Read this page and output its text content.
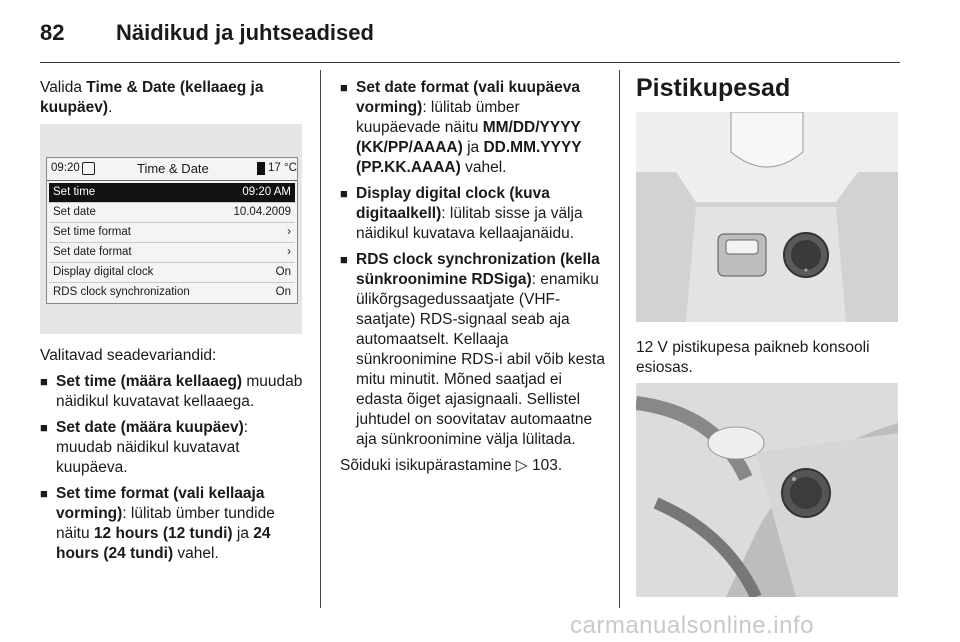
82 Näidikud ja juhtseadised

Valida Time & Date (kellaaeg ja kuupäev).

09:20	Time & Date	17 °C
Set time	09:20 AM
Set date	10.04.2009
Set time format	›
Set date format	›
Display digital clock	On
RDS clock synchronization	On

Valitavad seadevariandid:

■ Set time (määra kellaaeg) muudab näidikul kuvatavat kellaaega.
■ Set date (määra kuupäev): muudab näidikul kuvatavat kuupäeva.
■ Set time format (vali kellaaja vorming): lülitab ümber tundide näitu 12 hours (12 tundi) ja 24 hours (24 tundi) vahel.
■ Set date format (vali kuupäeva vorming): lülitab ümber kuupäevade näitu MM/DD/YYYY (KK/PP/AAAA) ja DD.MM.YYYY (PP.KK.AAAA) vahel.
■ Display digital clock (kuva digitaalkell): lülitab sisse ja välja näidikul kuvatava kellaajanäidu.
■ RDS clock synchronization (kella sünkroonimine RDSiga): enamiku ülikõrgsagedussaatjate (VHF-saatjate) RDS-signaal seab aja automaatselt. Kellaaja sünkroonimine RDS-i abil võib kesta mitu minutit. Mõned saatjad ei edasta õiget ajasignaali. Sellistel juhtudel on soovitatav automaatne aja sünkroonimine välja lülitada.

Sõiduki isikupärastamine ▷ 103.

Pistikupesad

12 V pistikupesa paikneb konsooli esiosas.

carmanualsonline.info
